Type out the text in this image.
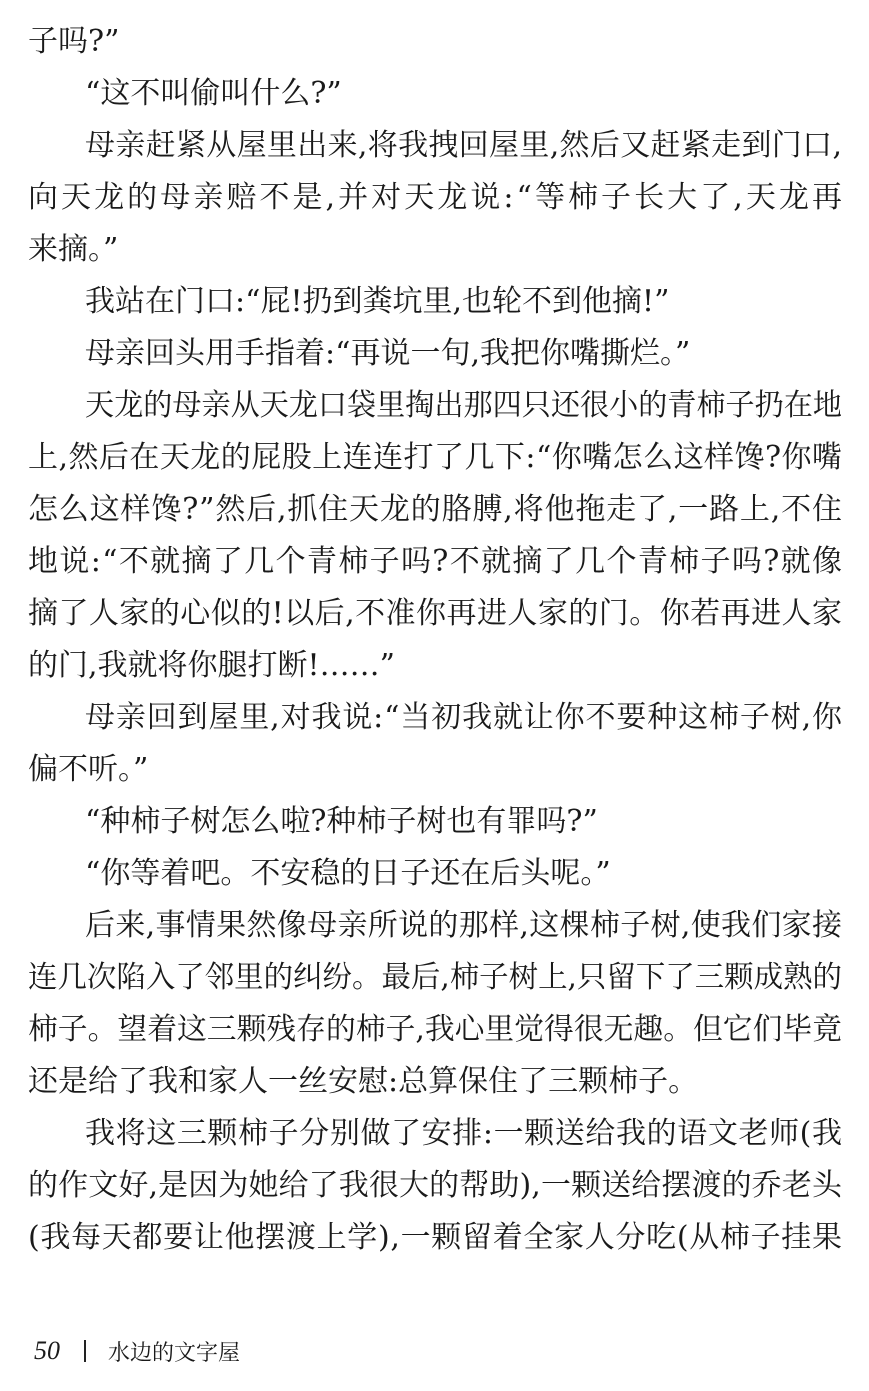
子吗?”
“这不叫偷叫什么?”
母亲赶紧从屋里出来,将我拽回屋里,然后又赶紧走到门口,
向天龙的母亲赔不是,并对天龙说:“等柿子长大了,天龙再
来摘。”
我站在门口:“屁!扔到粪坑里,也轮不到他摘!”
母亲回头用手指着:“再说一句,我把你嘴撕烂。”
天龙的母亲从天龙口袋里掏出那四只还很小的青柿子扔在地
上,然后在天龙的屁股上连连打了几下:“你嘴怎么这样馋?你嘴
怎么这样馋?”然后,抓住天龙的胳膊,将他拖走了,一路上,不住
地说:“不就摘了几个青柿子吗?不就摘了几个青柿子吗?就像
摘了人家的心似的!以后,不准你再进人家的门。你若再进人家
的门,我就将你腿打断!……”
母亲回到屋里,对我说:“当初我就让你不要种这柿子树,你
偏不听。”
“种柿子树怎么啦?种柿子树也有罪吗?”
“你等着吧。不安稳的日子还在后头呢。”
后来,事情果然像母亲所说的那样,这棵柿子树,使我们家接
连几次陷入了邻里的纠纷。最后,柿子树上,只留下了三颗成熟的
柿子。望着这三颗残存的柿子,我心里觉得很无趣。但它们毕竟
还是给了我和家人一丝安慰:总算保住了三颗柿子。
我将这三颗柿子分别做了安排:一颗送给我的语文老师(我
的作文好,是因为她给了我很大的帮助),一颗送给摆渡的乔老头
(我每天都要让他摆渡上学),一颗留着全家人分吃(从柿子挂果
50 水边的文字屋
